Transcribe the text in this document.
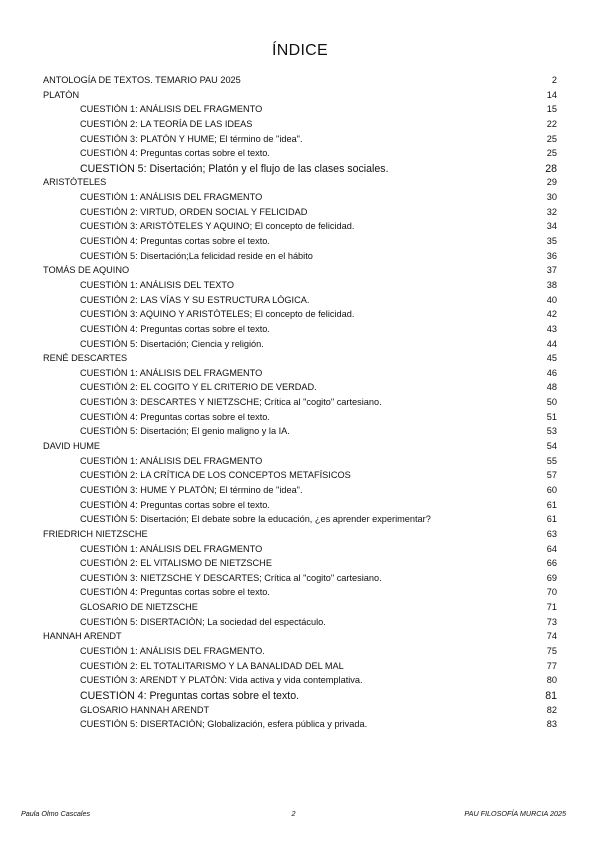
ÍNDICE
ANTOLOGÍA DE TEXTOS. TEMARIO PAU 2025	2
PLATÓN	14
CUESTIÓN 1: ANÁLISIS DEL FRAGMENTO	15
CUESTIÓN 2: LA TEORÍA DE LAS IDEAS	22
CUESTIÓN 3: PLATÓN Y HUME; El término de "idea".	25
CUESTIÓN 4: Preguntas cortas sobre el texto.	25
CUESTIÓN 5: Disertación; Platón y el flujo de las clases sociales.	28
ARISTÓTELES	29
CUESTIÓN 1: ANÁLISIS DEL FRAGMENTO	30
CUESTIÓN 2: VIRTUD, ORDEN SOCIAL Y FELICIDAD	32
CUESTIÓN 3: ARISTÓTELES Y AQUINO; El concepto de felicidad.	34
CUESTIÓN 4: Preguntas cortas sobre el texto.	35
CUESTIÓN 5: Disertación;La felicidad reside en el hábito	36
TOMÁS DE AQUINO	37
CUESTIÓN 1: ANÁLISIS DEL TEXTO	38
CUESTIÓN 2: LAS VÍAS Y SU ESTRUCTURA LÓGICA.	40
CUESTIÓN 3: AQUINO Y ARISTÓTELES; El concepto de felicidad.	42
CUESTIÓN 4: Preguntas cortas sobre el texto.	43
CUESTIÓN 5: Disertación; Ciencia y religión.	44
RENÉ DESCARTES	45
CUESTIÓN 1: ANÁLISIS DEL FRAGMENTO	46
CUESTIÓN 2: EL COGITO Y EL CRITERIO DE VERDAD.	48
CUESTIÓN 3: DESCARTES Y NIETZSCHE; Crítica al "cogito" cartesiano.	50
CUESTIÓN 4: Preguntas cortas sobre el texto.	51
CUESTIÓN 5: Disertación; El genio maligno y la IA.	53
DAVID HUME	54
CUESTIÓN 1: ANÁLISIS DEL FRAGMENTO	55
CUESTIÓN 2: LA CRÍTICA DE LOS CONCEPTOS METAFÍSICOS	57
CUESTIÓN 3: HUME Y PLATÓN; El término de "idea".	60
CUESTIÓN 4: Preguntas cortas sobre el texto.	61
CUESTIÓN 5: Disertación; El debate sobre la educación, ¿es aprender experimentar?	61
FRIEDRICH NIETZSCHE	63
CUESTIÓN 1: ANÁLISIS DEL FRAGMENTO	64
CUESTIÓN 2: EL VITALISMO DE NIETZSCHE	66
CUESTIÓN 3: NIETZSCHE Y DESCARTES; Crítica al "cogito" cartesiano.	69
CUESTIÓN 4: Preguntas cortas sobre el texto.	70
GLOSARIO DE NIETZSCHE	71
CUESTIÓN 5: DISERTACIÓN; La sociedad del espectáculo.	73
HANNAH ARENDT	74
CUESTIÓN 1: ANÁLISIS DEL FRAGMENTO.	75
CUESTIÓN 2: EL TOTALITARISMO Y LA BANALIDAD DEL MAL	77
CUESTIÓN 3: ARENDT Y PLATÓN: Vida activa y vida contemplativa.	80
CUESTIÓN 4: Preguntas cortas sobre el texto.	81
GLOSARIO HANNAH ARENDT	82
CUESTIÓN 5: DISERTACIÓN; Globalización, esfera pública y privada.	83
Paula Olmo Cascales	2	PAU FILOSOFÍA MURCIA 2025
